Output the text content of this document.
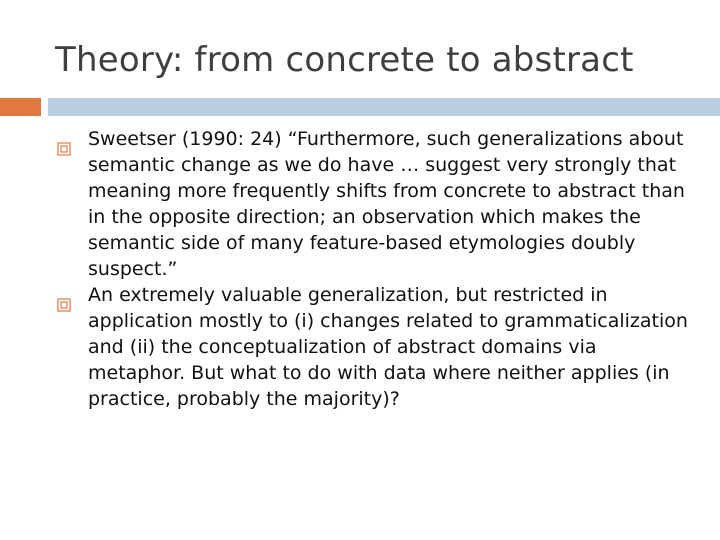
Theory: from concrete to abstract
Sweetser (1990: 24) “Furthermore, such generalizations about semantic change as we do have … suggest very strongly that meaning more frequently shifts from concrete to abstract than in the opposite direction; an observation which makes the semantic side of many feature-based etymologies doubly suspect.”
An extremely valuable generalization, but restricted in application mostly to (i) changes related to grammaticalization and (ii) the conceptualization of abstract domains via metaphor. But what to do with data where neither applies (in practice, probably the majority)?
